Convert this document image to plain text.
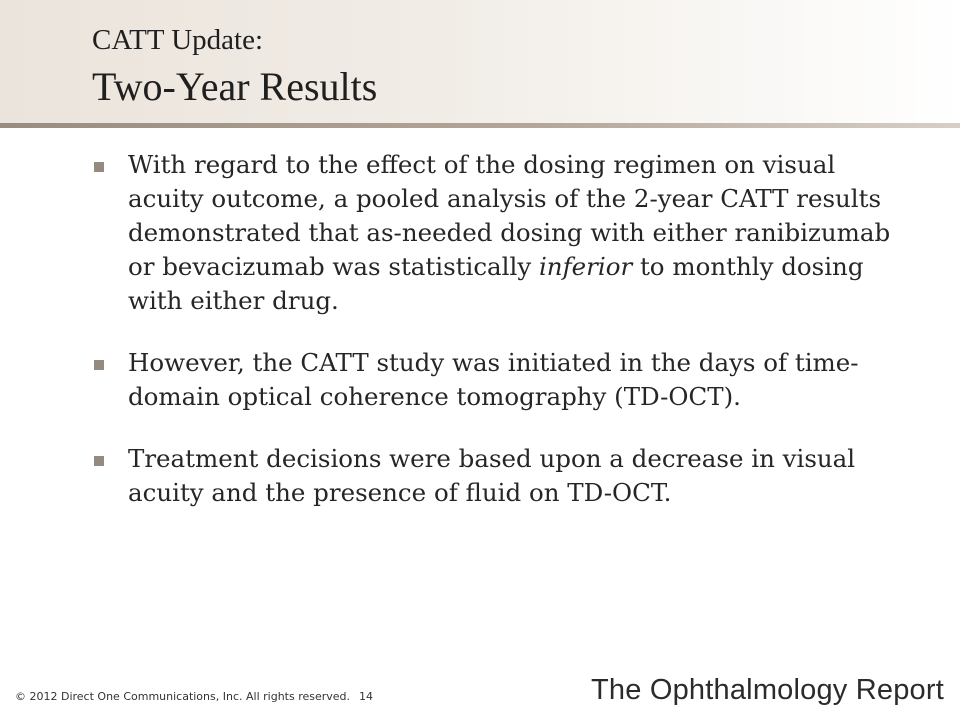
CATT Update:
Two-Year Results
With regard to the effect of the dosing regimen on visual acuity outcome, a pooled analysis of the 2-year CATT results demonstrated that as-needed dosing with either ranibizumab or bevacizumab was statistically inferior to monthly dosing with either drug.
However, the CATT study was initiated in the days of time-domain optical coherence tomography (TD-OCT).
Treatment decisions were based upon a decrease in visual acuity and the presence of fluid on TD-OCT.
© 2012 Direct One Communications, Inc. All rights reserved. 14	The Ophthalmology Report
